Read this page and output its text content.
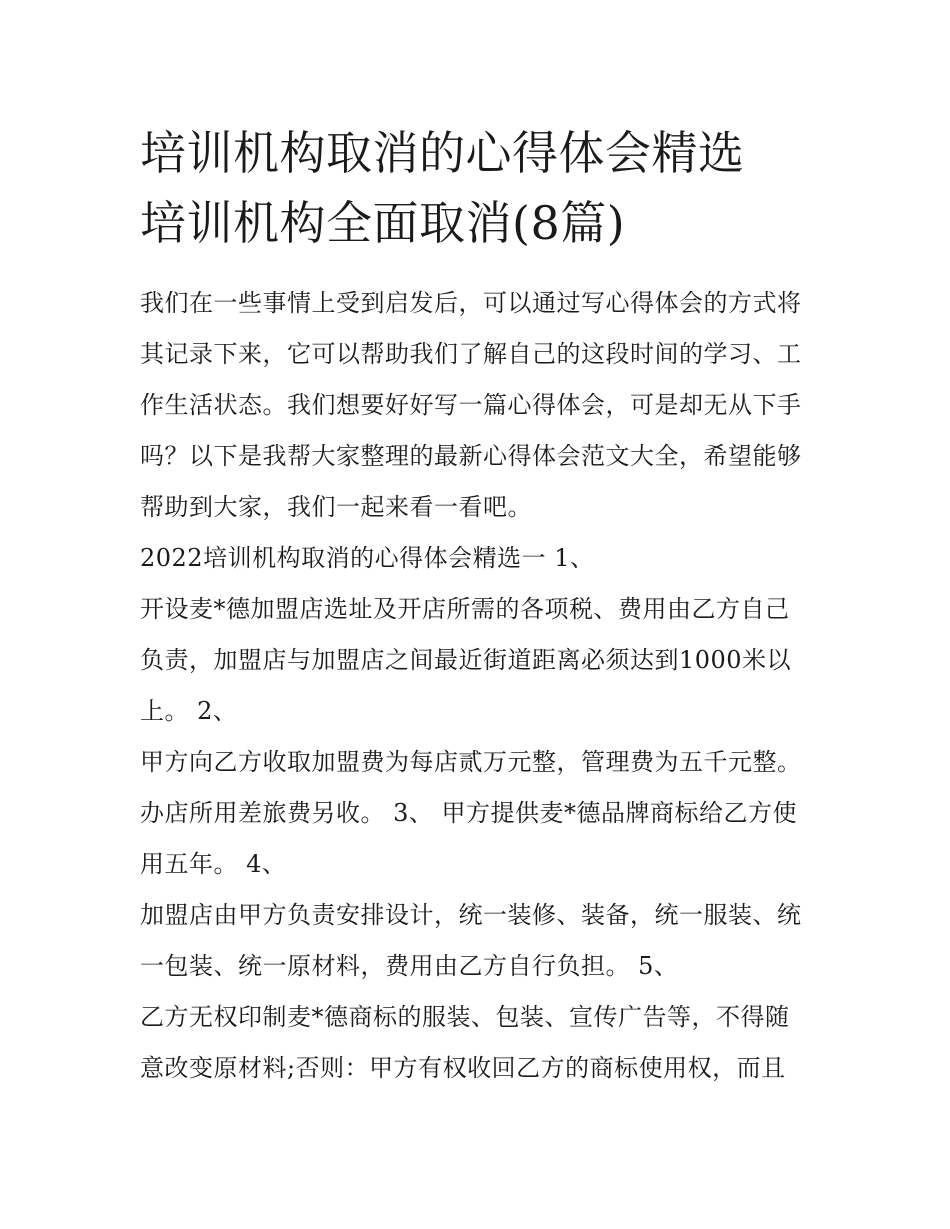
培训机构取消的心得体会精选
培训机构全面取消(8篇)
我们在一些事情上受到启发后，可以通过写心得体会的方式将
其记录下来，它可以帮助我们了解自己的这段时间的学习、工
作生活状态。我们想要好好写一篇心得体会，可是却无从下手
吗？以下是我帮大家整理的最新心得体会范文大全，希望能够
帮助到大家，我们一起来看一看吧。
2022培训机构取消的心得体会精选一 1、
开设麦*德加盟店选址及开店所需的各项税、费用由乙方自己
负责，加盟店与加盟店之间最近街道距离必须达到1000米以
上。 2、
甲方向乙方收取加盟费为每店贰万元整，管理费为五千元整。
办店所用差旅费另收。 3、 甲方提供麦*德品牌商标给乙方使
用五年。 4、
加盟店由甲方负责安排设计，统一装修、装备，统一服装、统
一包装、统一原材料，费用由乙方自行负担。 5、
乙方无权印制麦*德商标的服装、包装、宣传广告等，不得随
意改变原材料;否则：甲方有权收回乙方的商标使用权，而且
